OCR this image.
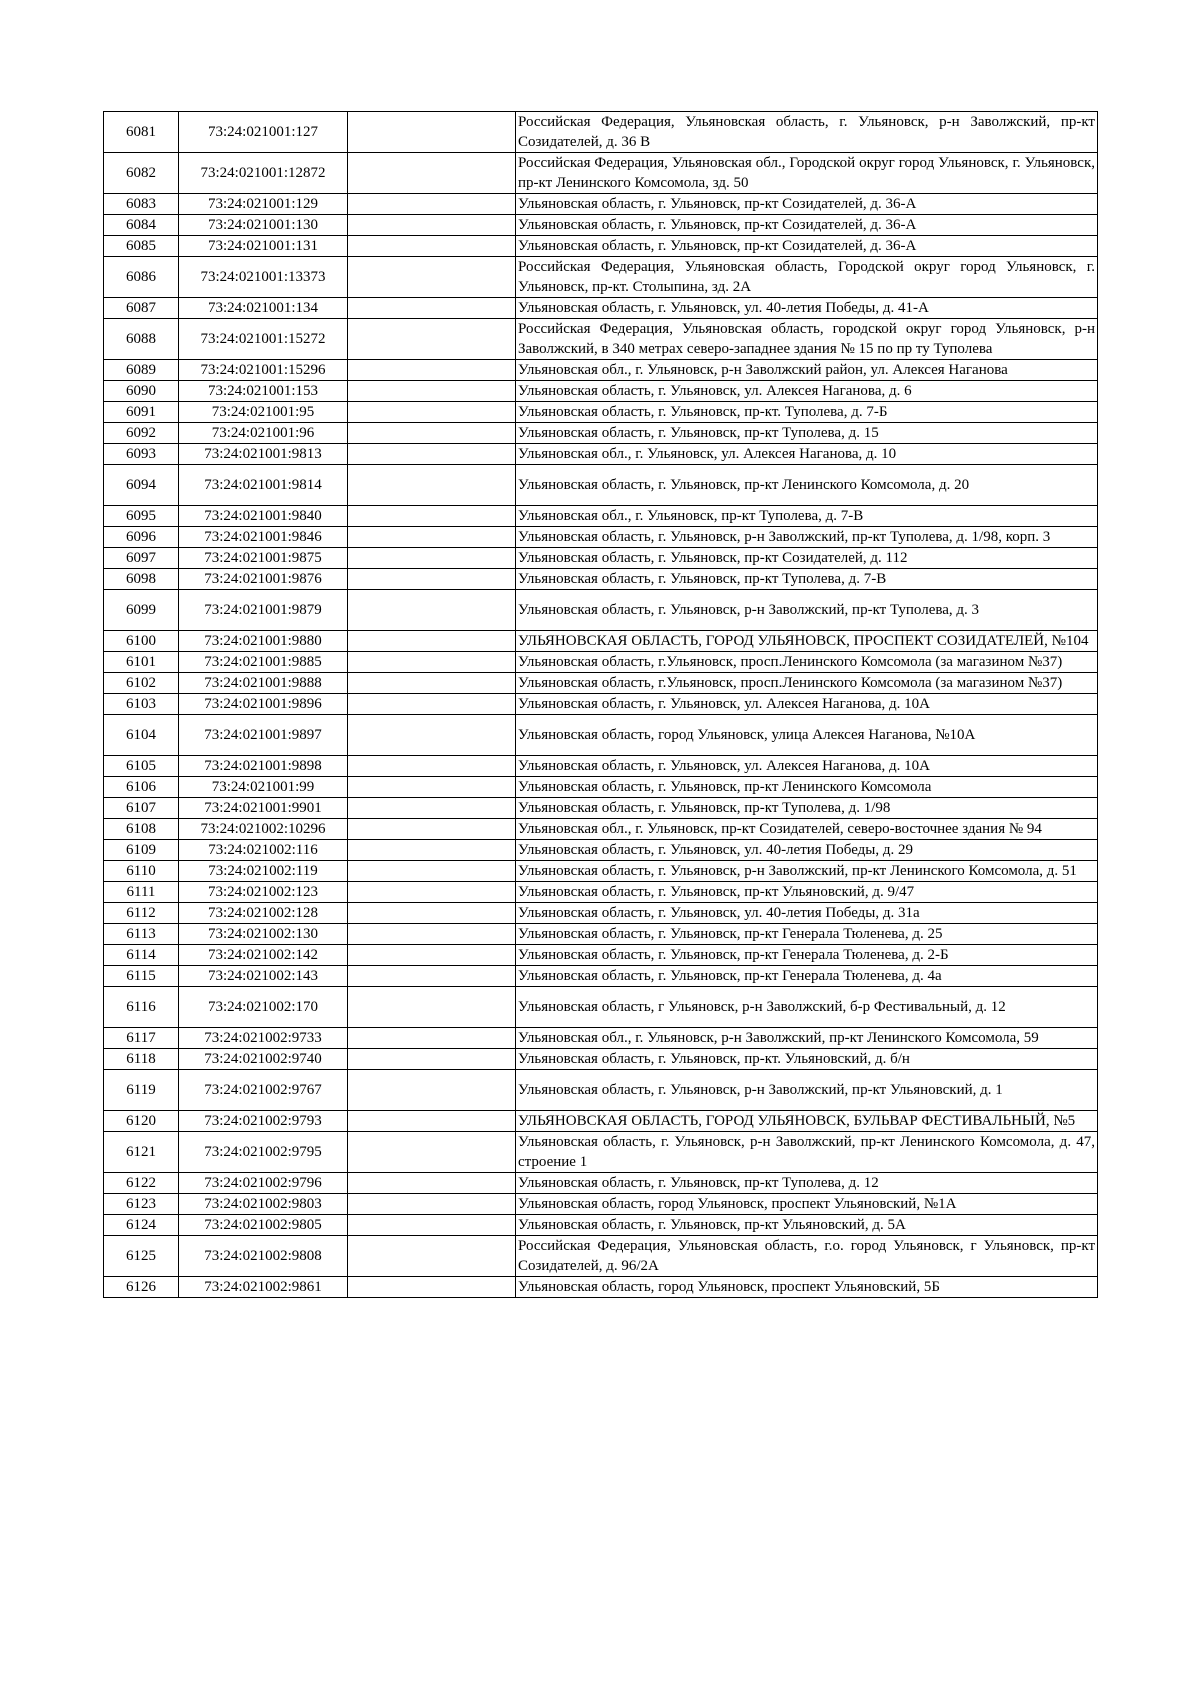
6081	73:24:021001:127		Российская Федерация, Ульяновская область, г. Ульяновск, р-н Заволжский, пр-кт Созидателей, д. 36 В
6082	73:24:021001:12872		Российская Федерация, Ульяновская обл., Городской округ город Ульяновск, г. Ульяновск, пр-кт Ленинского Комсомола, зд. 50
6083	73:24:021001:129		Ульяновская область, г. Ульяновск, пр-кт Созидателей, д. 36-А
6084	73:24:021001:130		Ульяновская область, г. Ульяновск, пр-кт Созидателей, д. 36-А
6085	73:24:021001:131		Ульяновская область, г. Ульяновск, пр-кт Созидателей, д. 36-А
6086	73:24:021001:13373		Российская Федерация, Ульяновская область, Городской округ город Ульяновск, г. Ульяновск, пр-кт. Столыпина, зд. 2А
6087	73:24:021001:134		Ульяновская область, г. Ульяновск, ул. 40-летия Победы, д. 41-А
6088	73:24:021001:15272		Российская Федерация, Ульяновская область, городской округ город Ульяновск, р-н Заволжский, в 340 метрах северо-западнее здания № 15 по пр ту Туполева
6089	73:24:021001:15296		Ульяновская обл., г. Ульяновск, р-н Заволжский район, ул. Алексея Наганова
6090	73:24:021001:153		Ульяновская область, г. Ульяновск, ул. Алексея Наганова, д. 6
6091	73:24:021001:95		Ульяновская область, г. Ульяновск, пр-кт. Туполева, д. 7-Б
6092	73:24:021001:96		Ульяновская область, г. Ульяновск, пр-кт Туполева, д. 15
6093	73:24:021001:9813		Ульяновская обл., г. Ульяновск, ул. Алексея Наганова, д. 10
6094	73:24:021001:9814		Ульяновская область, г. Ульяновск, пр-кт Ленинского Комсомола, д. 20
6095	73:24:021001:9840		Ульяновская обл., г. Ульяновск, пр-кт Туполева, д. 7-В
6096	73:24:021001:9846		Ульяновская область, г. Ульяновск, р-н Заволжский, пр-кт Туполева, д. 1/98, корп. 3
6097	73:24:021001:9875		Ульяновская область, г. Ульяновск, пр-кт Созидателей, д. 112
6098	73:24:021001:9876		Ульяновская область, г. Ульяновск, пр-кт Туполева, д. 7-В
6099	73:24:021001:9879		Ульяновская область, г. Ульяновск, р-н Заволжский, пр-кт Туполева, д. 3
6100	73:24:021001:9880		УЛЬЯНОВСКАЯ ОБЛАСТЬ, ГОРОД УЛЬЯНОВСК, ПРОСПЕКТ СОЗИДАТЕЛЕЙ, №104
6101	73:24:021001:9885		Ульяновская область, г.Ульяновск, просп.Ленинского Комсомола (за магазином №37)
6102	73:24:021001:9888		Ульяновская область, г.Ульяновск, просп.Ленинского Комсомола (за магазином №37)
6103	73:24:021001:9896		Ульяновская область, г. Ульяновск, ул. Алексея Наганова, д. 10А
6104	73:24:021001:9897		Ульяновская область, город Ульяновск, улица Алексея Наганова, №10А
6105	73:24:021001:9898		Ульяновская область, г. Ульяновск, ул. Алексея Наганова, д. 10А
6106	73:24:021001:99		Ульяновская область, г. Ульяновск, пр-кт Ленинского Комсомола
6107	73:24:021001:9901		Ульяновская область, г. Ульяновск, пр-кт Туполева, д. 1/98
6108	73:24:021002:10296		Ульяновская обл., г. Ульяновск, пр-кт Созидателей, северо-восточнее здания № 94
6109	73:24:021002:116		Ульяновская область, г. Ульяновск, ул. 40-летия Победы, д. 29
6110	73:24:021002:119		Ульяновская область, г. Ульяновск, р-н Заволжский, пр-кт Ленинского Комсомола, д. 51
6111	73:24:021002:123		Ульяновская область, г. Ульяновск, пр-кт Ульяновский, д. 9/47
6112	73:24:021002:128		Ульяновская область, г. Ульяновск, ул. 40-летия Победы, д. 31а
6113	73:24:021002:130		Ульяновская область, г. Ульяновск, пр-кт Генерала Тюленева, д. 25
6114	73:24:021002:142		Ульяновская область, г. Ульяновск, пр-кт Генерала Тюленева, д. 2-Б
6115	73:24:021002:143		Ульяновская область, г. Ульяновск, пр-кт Генерала Тюленева, д. 4а
6116	73:24:021002:170		Ульяновская область, г Ульяновск, р-н Заволжский, б-р Фестивальный, д. 12
6117	73:24:021002:9733		Ульяновская обл., г. Ульяновск, р-н Заволжский, пр-кт Ленинского Комсомола, 59
6118	73:24:021002:9740		Ульяновская область, г. Ульяновск, пр-кт. Ульяновский, д. б/н
6119	73:24:021002:9767		Ульяновская область, г. Ульяновск, р-н Заволжский, пр-кт Ульяновский, д. 1
6120	73:24:021002:9793		УЛЬЯНОВСКАЯ ОБЛАСТЬ, ГОРОД УЛЬЯНОВСК, БУЛЬВАР ФЕСТИВАЛЬНЫЙ, №5
6121	73:24:021002:9795		Ульяновская область, г. Ульяновск, р-н Заволжский, пр-кт Ленинского Комсомола, д. 47, строение 1
6122	73:24:021002:9796		Ульяновская область, г. Ульяновск, пр-кт Туполева, д. 12
6123	73:24:021002:9803		Ульяновская область, город Ульяновск, проспект Ульяновский, №1А
6124	73:24:021002:9805		Ульяновская область, г. Ульяновск, пр-кт Ульяновский, д. 5А
6125	73:24:021002:9808		Российская Федерация, Ульяновская область, г.о. город Ульяновск, г Ульяновск, пр-кт Созидателей, д. 96/2А
6126	73:24:021002:9861		Ульяновская область, город Ульяновск, проспект Ульяновский, 5Б
